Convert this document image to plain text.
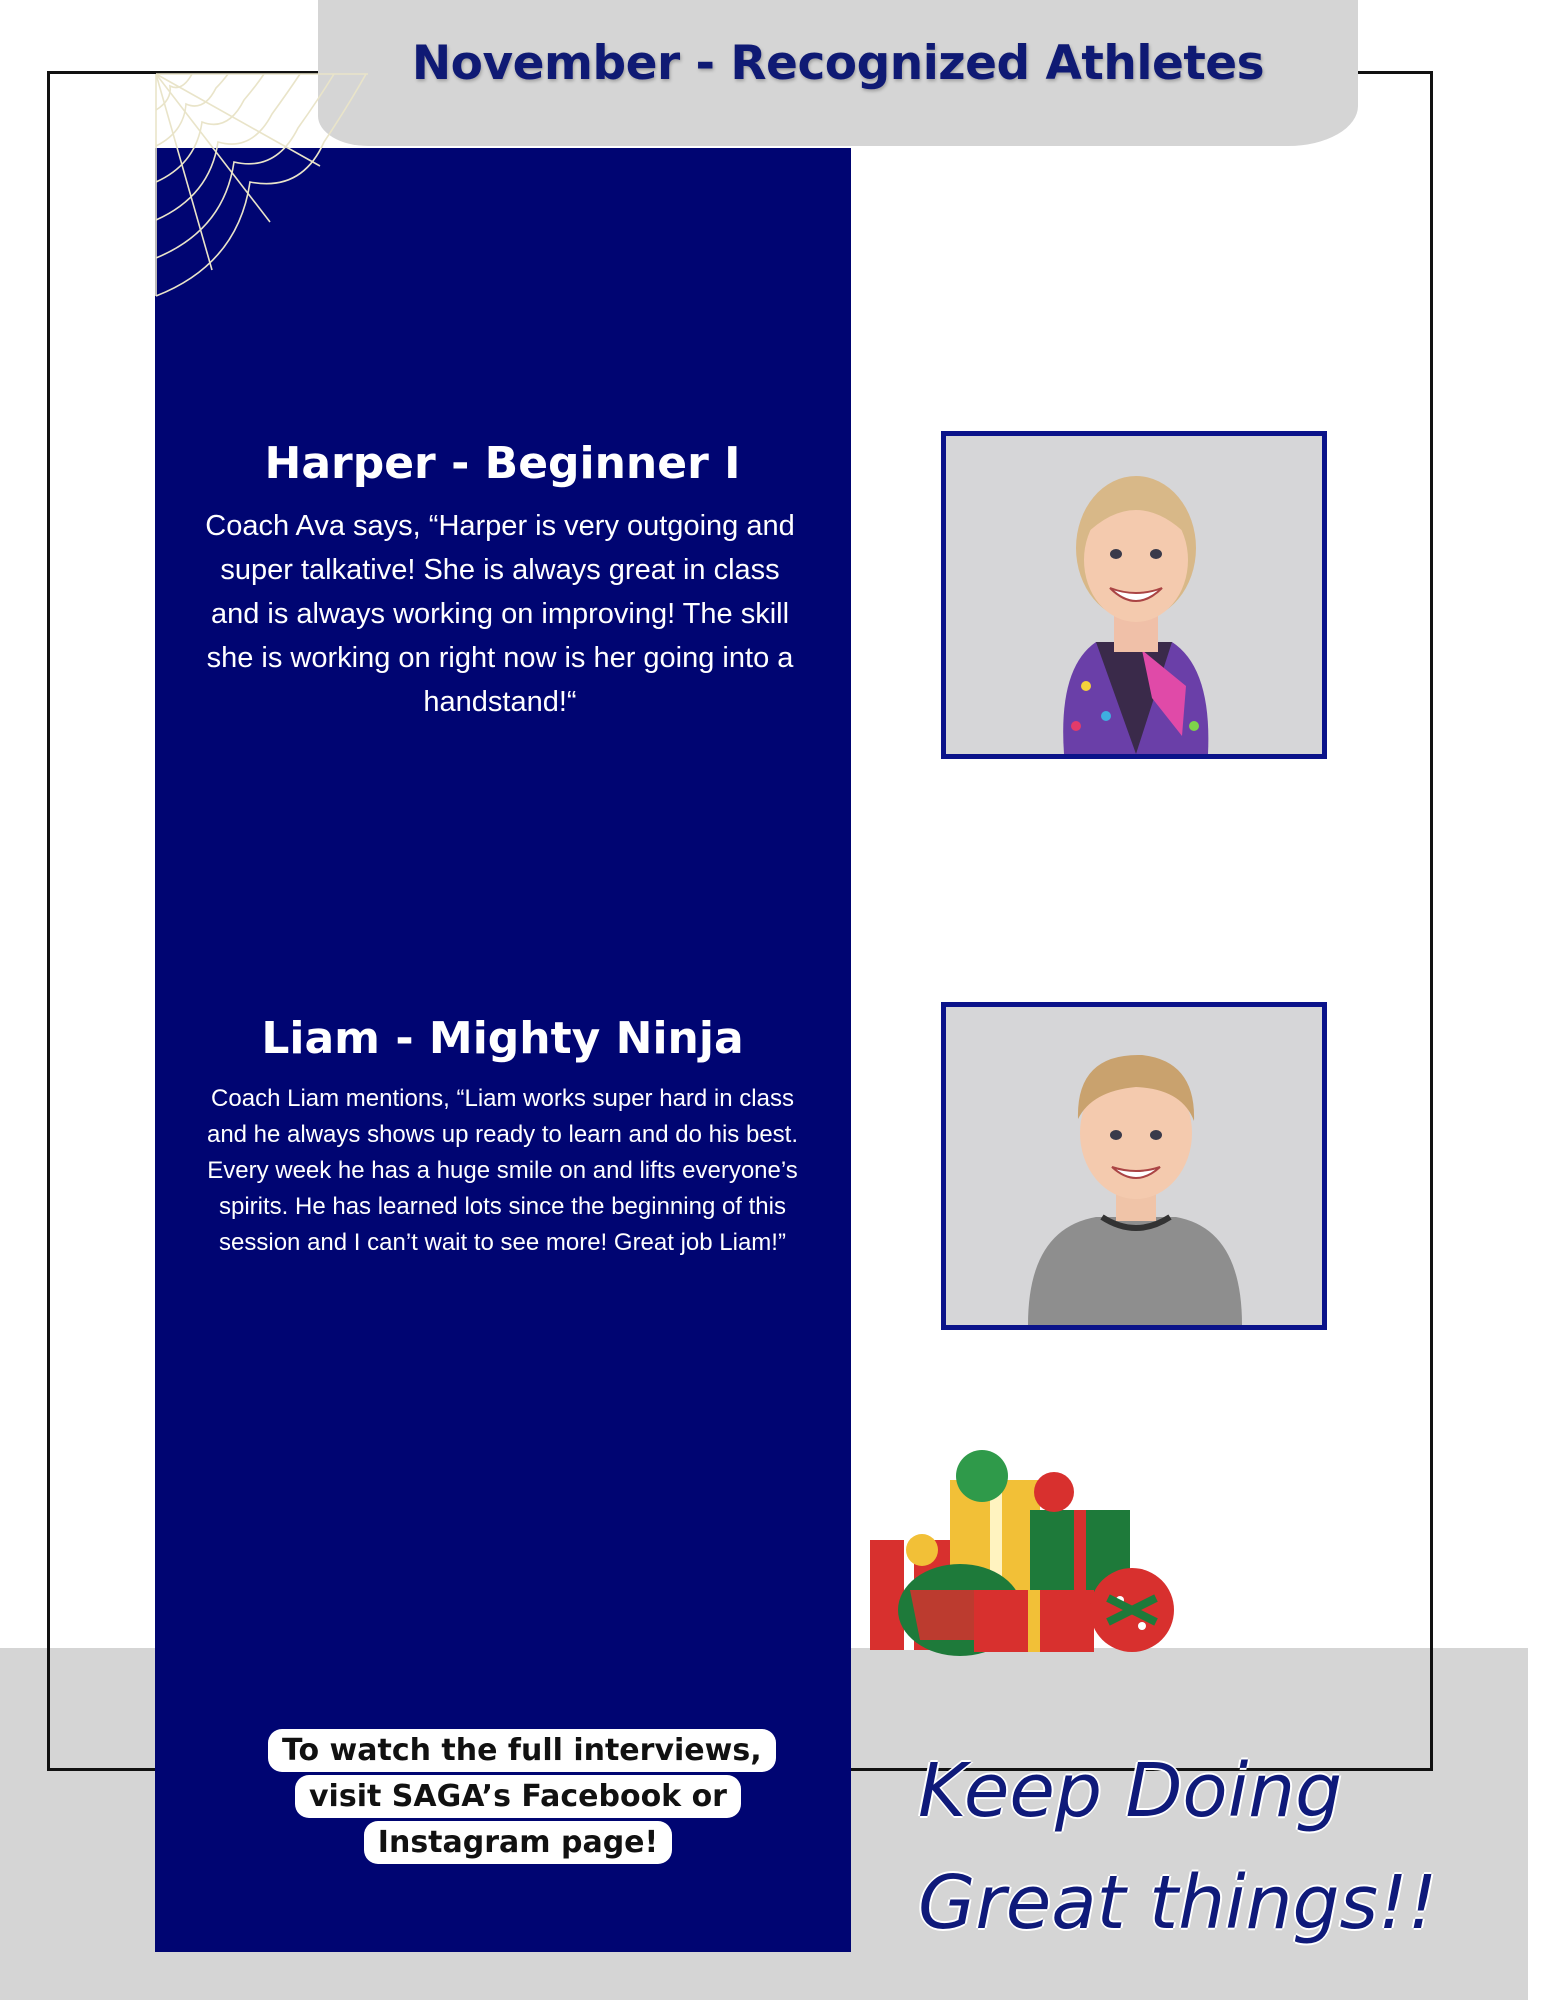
November - Recognized Athletes
Harper - Beginner I
Coach Ava says, “Harper is very outgoing and super talkative! She is always great in class and is always working on improving! The skill she is working on right now is her going into a handstand!“
Liam - Mighty Ninja
Coach Liam mentions, “Liam works super hard in class and he always shows up ready to learn and do his best. Every week he has a huge smile on and lifts everyone’s spirits. He has learned lots since the beginning of this session and I can’t wait to see more! Great job Liam!”
To watch the full interviews, visit SAGA’s Facebook or Instagram page!
Keep Doing
Great things!!
